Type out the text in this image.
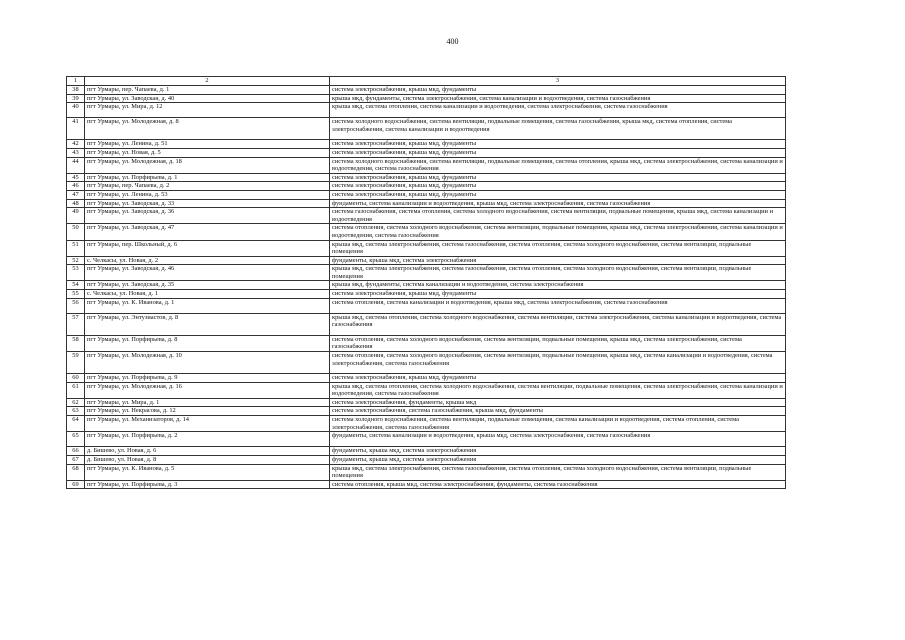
400
1	2	3
38	пгт Урмары, пер. Чапаева, д. 1	система электроснабжения, крыша мкд, фундаменты
39	пгт Урмары, ул. Заводская, д. 40	крыша мкд, фундаменты, система электроснабжения, система канализации и водоотведения, система газоснабжения
40	пгт Урмары, ул. Мира, д. 12	крыша мкд, система отопления, система канализации и водоотведения, система электроснабжения, система газоснабжения
41	пгт Урмары, ул. Молодежная, д. 8	система холодного водоснабжения, система вентиляции, подвальные помещения, система газоснабжения, крыша мкд, система отопления, система электроснабжения, система канализации и водоотведения
42	пгт Урмары, ул. Ленина, д. 51	система электроснабжения, крыша мкд, фундаменты
43	пгт Урмары, ул. Новая, д. 5	система электроснабжения, крыша мкд, фундаменты
44	пгт Урмары, ул. Молодежная, д. 18	система холодного водоснабжения, система вентиляции, подвальные помещения, система отопления, крыша мкд, система электроснабжения, система канализации и водоотведения, система газоснабжения
45	пгт Урмары, ул. Порфирьева, д. 1	система электроснабжения, крыша мкд, фундаменты
46	пгт Урмары, пер. Чапаева, д. 2	система электроснабжения, крыша мкд, фундаменты
47	пгт Урмары, ул. Ленина, д. 53	система электроснабжения, крыша мкд, фундаменты
48	пгт Урмары, ул. Заводская, д. 33	фундаменты, система канализации и водоотведения, крыша мкд, система электроснабжения, система газоснабжения
49	пгт Урмары, ул. Заводская, д. 36	система газоснабжения, система отопления, система холодного водоснабжения, система вентиляции, подвальные помещения, крыша мкд, система канализации и водоотведения
50	пгт Урмары, ул. Заводская, д. 47	система отопления, система холодного водоснабжения, система вентиляции, подвальные помещения, крыша мкд, система электроснабжения, система канализации и водоотведения, система газоснабжения
51	пгт Урмары, пер. Школьный, д. 6	крыша мкд, система электроснабжения, система газоснабжения, система отопления, система холодного водоснабжения, система вентиляции, подвальные помещения
52	с. Челкасы, ул. Новая, д. 2	фундаменты, крыша мкд, система электроснабжения
53	пгт Урмары, ул. Заводская, д. 46	крыша мкд, система электроснабжения, система газоснабжения, система отопления, система холодного водоснабжения, система вентиляции, подвальные помещения
54	пгт Урмары, ул. Заводская, д. 35	крыша мкд, фундаменты, система канализации и водоотведения, система электроснабжения
55	с. Челкасы, ул. Новая, д. 1	система электроснабжения, крыша мкд, фундаменты
56	пгт Урмары, ул. К. Иванова, д. 1	система отопления, система канализации и водоотведения, крыша мкд, система электроснабжения, система газоснабжения
57	пгт Урмары, ул. Энтузиастов, д. 8	крыша мкд, система отопления, система холодного водоснабжения, система вентиляции, система электроснабжения, система канализации и водоотведения, система газоснабжения
58	пгт Урмары, ул. Порфирьева, д. 8	система отопления, система холодного водоснабжения, система вентиляции, подвальные помещения, крыша мкд, система электроснабжения, система газоснабжения
59	пгт Урмары, ул. Молодежная, д. 10	система отопления, система холодного водоснабжения, система вентиляции, подвальные помещения, крыша мкд, система канализации и водоотведения, система электроснабжения, система газоснабжения
60	пгт Урмары, ул. Порфирьева, д. 9	система электроснабжения, крыша мкд, фундаменты
61	пгт Урмары, ул. Молодежная, д. 16	крыша мкд, система отопления, система холодного водоснабжения, система вентиляции, подвальные помещения, система электроснабжения, система канализации и водоотведения, система газоснабжения
62	пгт Урмары, ул. Мира, д. 1	система электроснабжения, фундаменты, крыша мкд
63	пгт Урмары, ул. Некрасова, д. 12	система электроснабжения, система газоснабжения, крыша мкд, фундаменты
64	пгт Урмары, ул. Механизаторов, д. 14	система холодного водоснабжения, система вентиляции, подвальные помещения, система канализации и водоотведения, система отопления, система электроснабжения, система газоснабжения
65	пгт Урмары, ул. Порфирьева, д. 2	фундаменты, система канализации и водоотведения, крыша мкд, система электроснабжения, система газоснабжения
66	д. Бишево, ул. Новая, д. 6	фундаменты, крыша мкд, система электроснабжения
67	д. Бишево, ул. Новая, д. 8	фундаменты, крыша мкд, система электроснабжения
68	пгт Урмары, ул. К. Иванова, д. 5	крыша мкд, система электроснабжения, система газоснабжения, система отопления, система холодного водоснабжения, система вентиляции, подвальные помещения
69	пгт Урмары, ул. Порфирьева, д. 3	система отопления, крыша мкд, система электроснабжения, фундаменты, система газоснабжения
